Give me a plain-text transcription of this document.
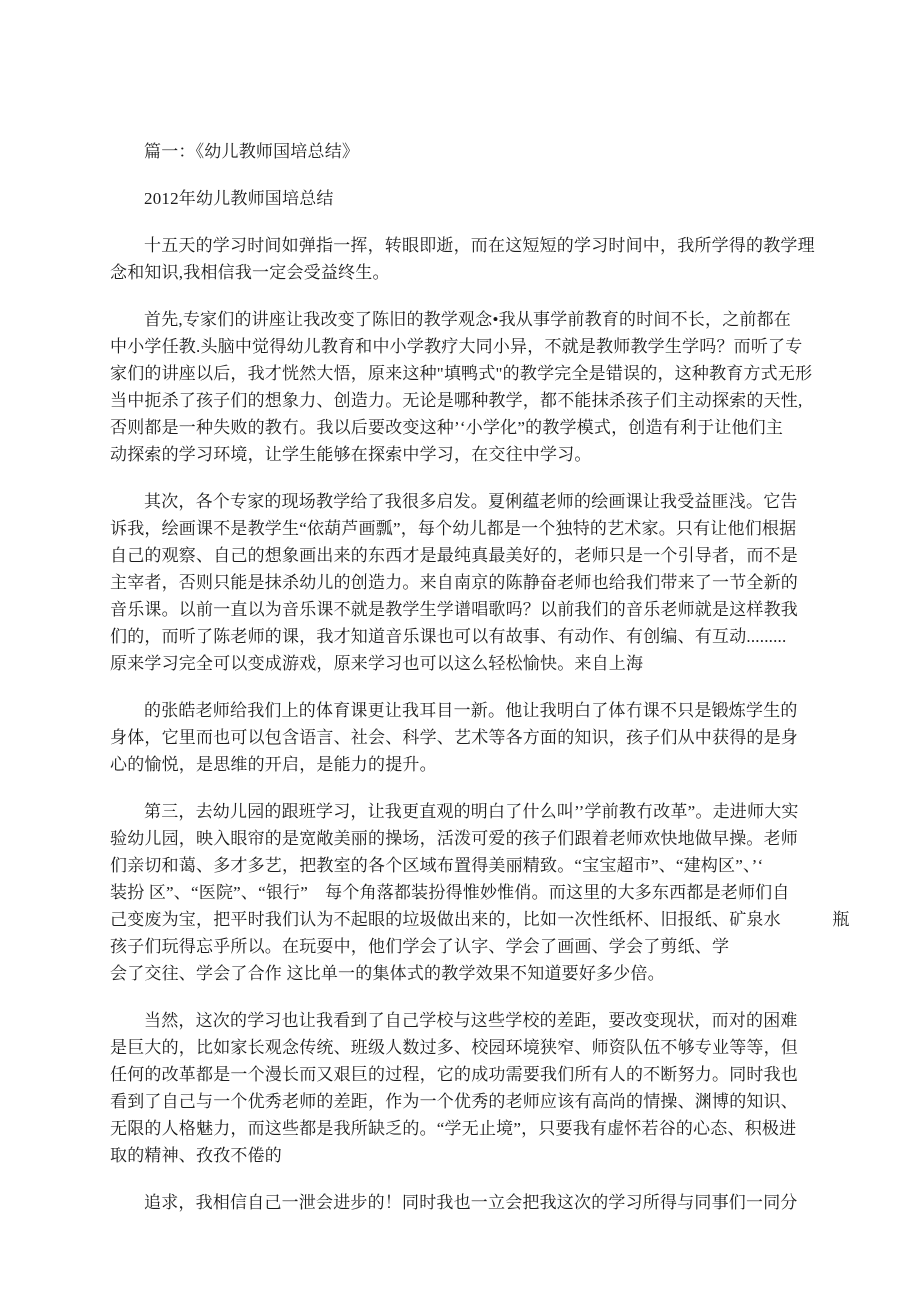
篇一：《幼儿教师国培总结》
2012年幼儿教师国培总结
十五天的学习时间如弹指一挥，转眼即逝，而在这短短的学习时间中，我所学得的教学理
念和知识,我相信我一定会受益终生。
首先,专家们的讲座让我改变了陈旧的教学观念•我从事学前教育的时间不长，之前都在
中小学任教.头脑中觉得幼儿教育和中小学教疗大同小异，不就是教师教学生学吗？而听了专
家们的讲座以后，我才恍然大悟，原来这种"填鸭式"的教学完全是错误的，这种教育方式无形
当中扼杀了孩子们的想象力、创造力。无论是哪种教学，都不能抹杀孩子们主动探索的天性,
否则都是一种失败的教冇。我以后要改变这种’‘小学化”的教学模式，创造有利于让他们主
动探索的学习环境，让学生能够在探索中学习，在交往中学习。
其次，各个专家的现场教学给了我很多启发。夏俐蕴老师的绘画课让我受益匪浅。它告
诉我，绘画课不是教学生“依葫芦画瓢”，每个幼儿都是一个独特的艺术家。只有让他们根据
自己的观察、自己的想象画出来的东西才是最纯真最美好的，老师只是一个引导者，而不是
主宰者，否则只能是抹杀幼儿的创造力。来自南京的陈静奋老师也给我们带来了一节全新的
音乐课。以前一直以为音乐课不就是教学生学谱唱歌吗？以前我们的音乐老师就是这样教我
们的，而听了陈老师的课，我才知道音乐课也可以有故事、有动作、有创编、有互动.........
原来学习完全可以变成游戏，原来学习也可以这么轻松愉快。来自上海
的张皓老师给我们上的体育课更让我耳目一新。他让我明白了体冇课不只是锻炼学生的
身体，它里而也可以包含语言、社会、科学、艺术等各方面的知识，孩子们从中获得的是身
心的愉悦，是思维的开启，是能力的提升。
第三，去幼儿园的跟班学习，让我更直观的明白了什么叫’’学前教冇改革”。走进师大实
验幼儿园，映入眼帘的是宽敞美丽的操场，活泼可爱的孩子们跟着老师欢快地做早操。老师
们亲切和蔼、多才多艺，把教室的各个区域布置得美丽精致。“宝宝超市”、“建构区”、’‘
装扮 区”、“医院”、“银行”　每个角落都装扮得惟妙惟俏。而这里的大多东西都是老师们自
己变废为宝，把平时我们认为不起眼的垃圾做出来的，比如一次性纸杯、旧报纸、矿泉水　　　瓶
孩子们玩得忘乎所以。在玩耍中，他们学会了认字、学会了画画、学会了剪纸、学
会了交往、学会了合作 这比单一的集体式的教学效果不知道要好多少倍。
当然，这次的学习也让我看到了自己学校与这些学校的差距，要改变现状，而对的困难
是巨大的，比如家长观念传统、班级人数过多、校园环境狭窄、师资队伍不够专业等等，但
任何的改革都是一个漫长而又艰巨的过程，它的成功需要我们所有人的不断努力。同时我也
看到了自己与一个优秀老师的差距，作为一个优秀的老师应该有高尚的情操、渊博的知识、
无限的人格魅力，而这些都是我所缺乏的。“学无止境”，只要我有虚怀若谷的心态、积极进
取的精神、孜孜不倦的
追求，我相信自己一泄会进步的！同时我也一立会把我这次的学习所得与同事们一同分
